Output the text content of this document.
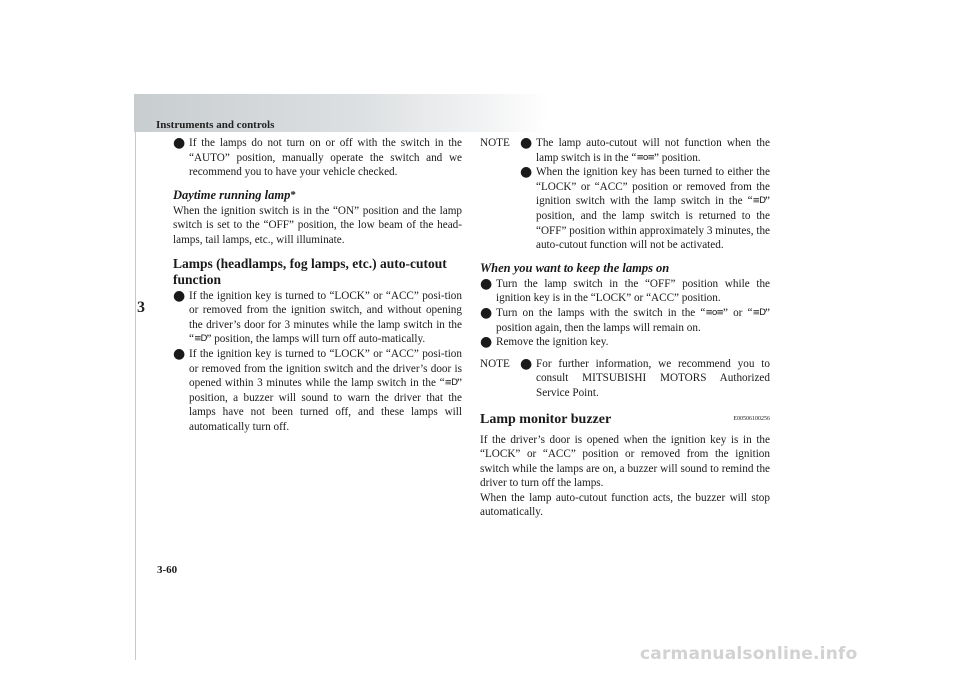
Instruments and controls
3
● If the lamps do not turn on or off with the switch in the “AUTO” position, manually operate the switch and we recommend you to have your vehicle checked.
Daytime running lamp*

When the ignition switch is in the “ON” position and the lamp switch is set to the “OFF” position, the low beam of the head-lamps, tail lamps, etc., will illuminate.

Lamps (headlamps, fog lamps, etc.) auto-cutout function
● If the ignition key is turned to “LOCK” or “ACC” posi-tion or removed from the ignition switch, and without opening the driver’s door for 3 minutes while the lamp switch in the “≡D” position, the lamps will turn off auto-matically.
● If the ignition key is turned to “LOCK” or “ACC” posi-tion or removed from the ignition switch and the driver’s door is opened within 3 minutes while the lamp switch in the “≡D” position, a buzzer will sound to warn the driver that the lamps have not been turned off, and these lamps will automatically turn off.
NOTE ● The lamp auto-cutout will not function when the lamp switch is in the “≡o≡” position.
● When the ignition key has been turned to either the “LOCK” or “ACC” position or removed from the ignition switch with the lamp switch in the “≡D” position, and the lamp switch is returned to the “OFF” position within approximately 3 minutes, the auto-cutout function will not be activated.
When you want to keep the lamps on
● Turn the lamp switch in the “OFF” position while the ignition key is in the “LOCK” or “ACC” position.
● Turn on the lamps with the switch in the “≡o≡” or “≡D” position again, then the lamps will remain on.
● Remove the ignition key.
NOTE ● For further information, we recommend you to consult MITSUBISHI MOTORS Authorized Service Point.
Lamp monitor buzzer	E00506100256

If the driver’s door is opened when the ignition key is in the “LOCK” or “ACC” position or removed from the ignition switch while the lamps are on, a buzzer will sound to remind the driver to turn off the lamps.

When the lamp auto-cutout function acts, the buzzer will stop automatically.

3-60
carmanualsonline.info
